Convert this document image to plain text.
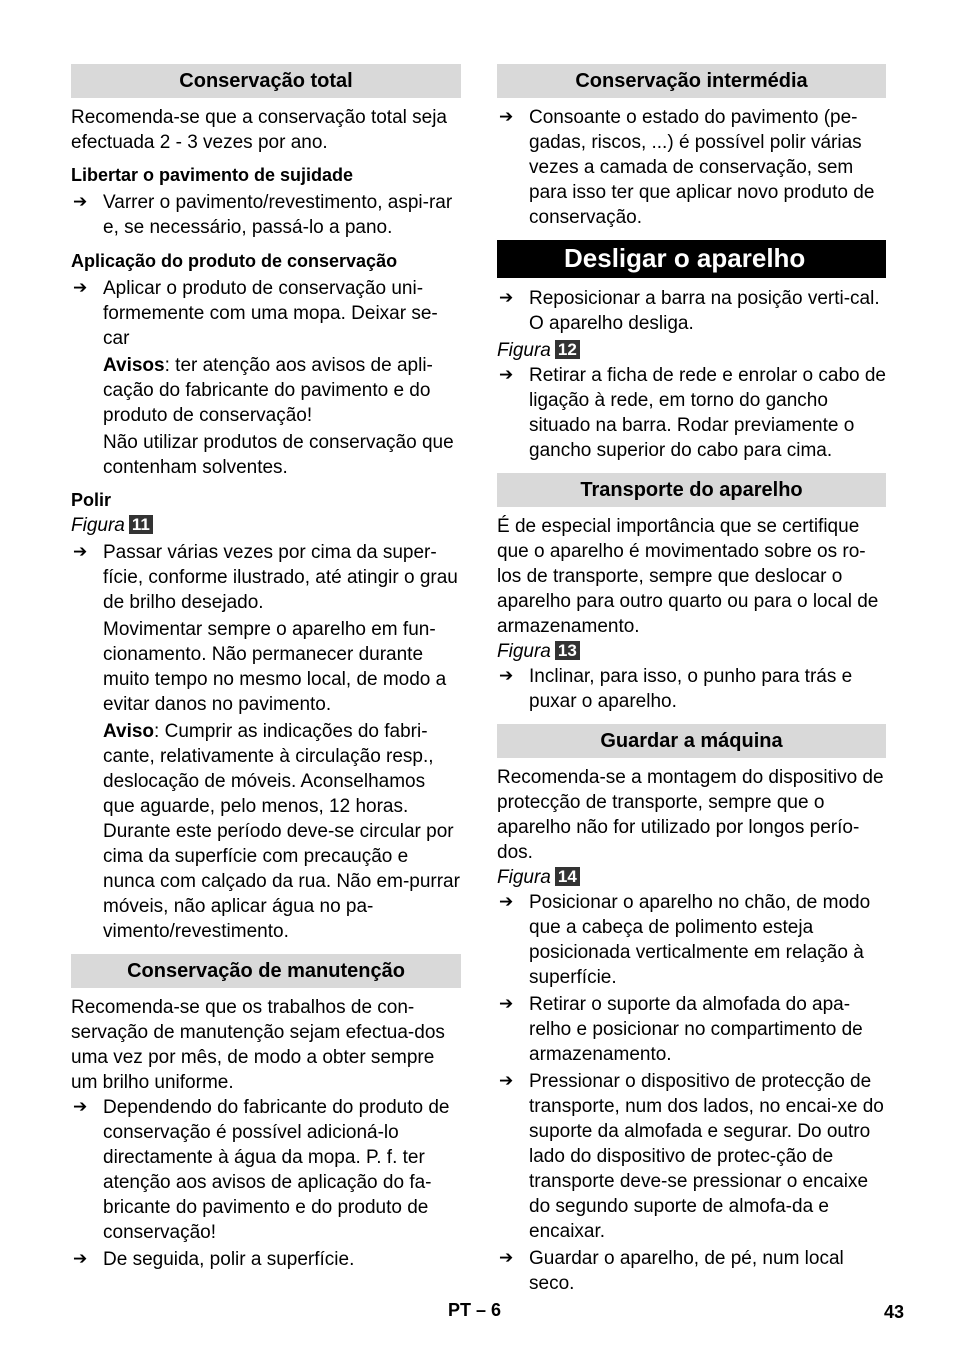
Conservação total

Recomenda-se que a conservação total seja efectuada 2 - 3 vezes por ano.

Libertar o pavimento de sujidade

➔ Varrer o pavimento/revestimento, aspi-rar e, se necessário, passá-lo a pano.

Aplicação do produto de conservação

➔ Aplicar o produto de conservação uni-formemente com uma mopa. Deixar se-car

Avisos: ter atenção aos avisos de apli-cação do fabricante do pavimento e do produto de conservação!

Não utilizar produtos de conservação que contenham solventes.

Polir

Figura 11

➔ Passar várias vezes por cima da super-fície, conforme ilustrado, até atingir o grau de brilho desejado.

Movimentar sempre o aparelho em fun-cionamento. Não permanecer durante muito tempo no mesmo local, de modo a evitar danos no pavimento.

Aviso: Cumprir as indicações do fabri-cante, relativamente à circulação resp., deslocação de móveis. Aconselhamos que aguarde, pelo menos, 12 horas. Durante este período deve-se circular por cima da superfície com precaução e nunca com calçado da rua. Não em-purrar móveis, não aplicar água no pa-vimento/revestimento.

Conservação de manutenção

Recomenda-se que os trabalhos de con-servação de manutenção sejam efectua-dos uma vez por mês, de modo a obter sempre um brilho uniforme.

➔ Dependendo do fabricante do produto de conservação é possível adicioná-lo directamente à água da mopa. P. f. ter atenção aos avisos de aplicação do fa-bricante do pavimento e do produto de conservação!

➔ De seguida, polir a superfície.

Conservação intermédia

➔ Consoante o estado do pavimento (pe-gadas, riscos, ...) é possível polir várias vezes a camada de conservação, sem para isso ter que aplicar novo produto de conservação.

Desligar o aparelho

➔ Reposicionar a barra na posição verti-cal. O aparelho desliga.

Figura 12

➔ Retirar a ficha de rede e enrolar o cabo de ligação à rede, em torno do gancho situado na barra. Rodar previamente o gancho superior do cabo para cima.

Transporte do aparelho

É de especial importância que se certifique que o aparelho é movimentado sobre os ro-los de transporte, sempre que deslocar o aparelho para outro quarto ou para o local de armazenamento.

Figura 13

➔ Inclinar, para isso, o punho para trás e puxar o aparelho.

Guardar a máquina

Recomenda-se a montagem do dispositivo de protecção de transporte, sempre que o aparelho não for utilizado por longos perío-dos.

Figura 14

➔ Posicionar o aparelho no chão, de modo que a cabeça de polimento esteja posicionada verticalmente em relação à superfície.

➔ Retirar o suporte da almofada do apa-relho e posicionar no compartimento de armazenamento.

➔ Pressionar o dispositivo de protecção de transporte, num dos lados, no encai-xe do suporte da almofada e segurar. Do outro lado do dispositivo de protec-ção de transporte deve-se pressionar o encaixe do segundo suporte de almofa-da e encaixar.

➔ Guardar o aparelho, de pé, num local seco.

PT – 6	43
